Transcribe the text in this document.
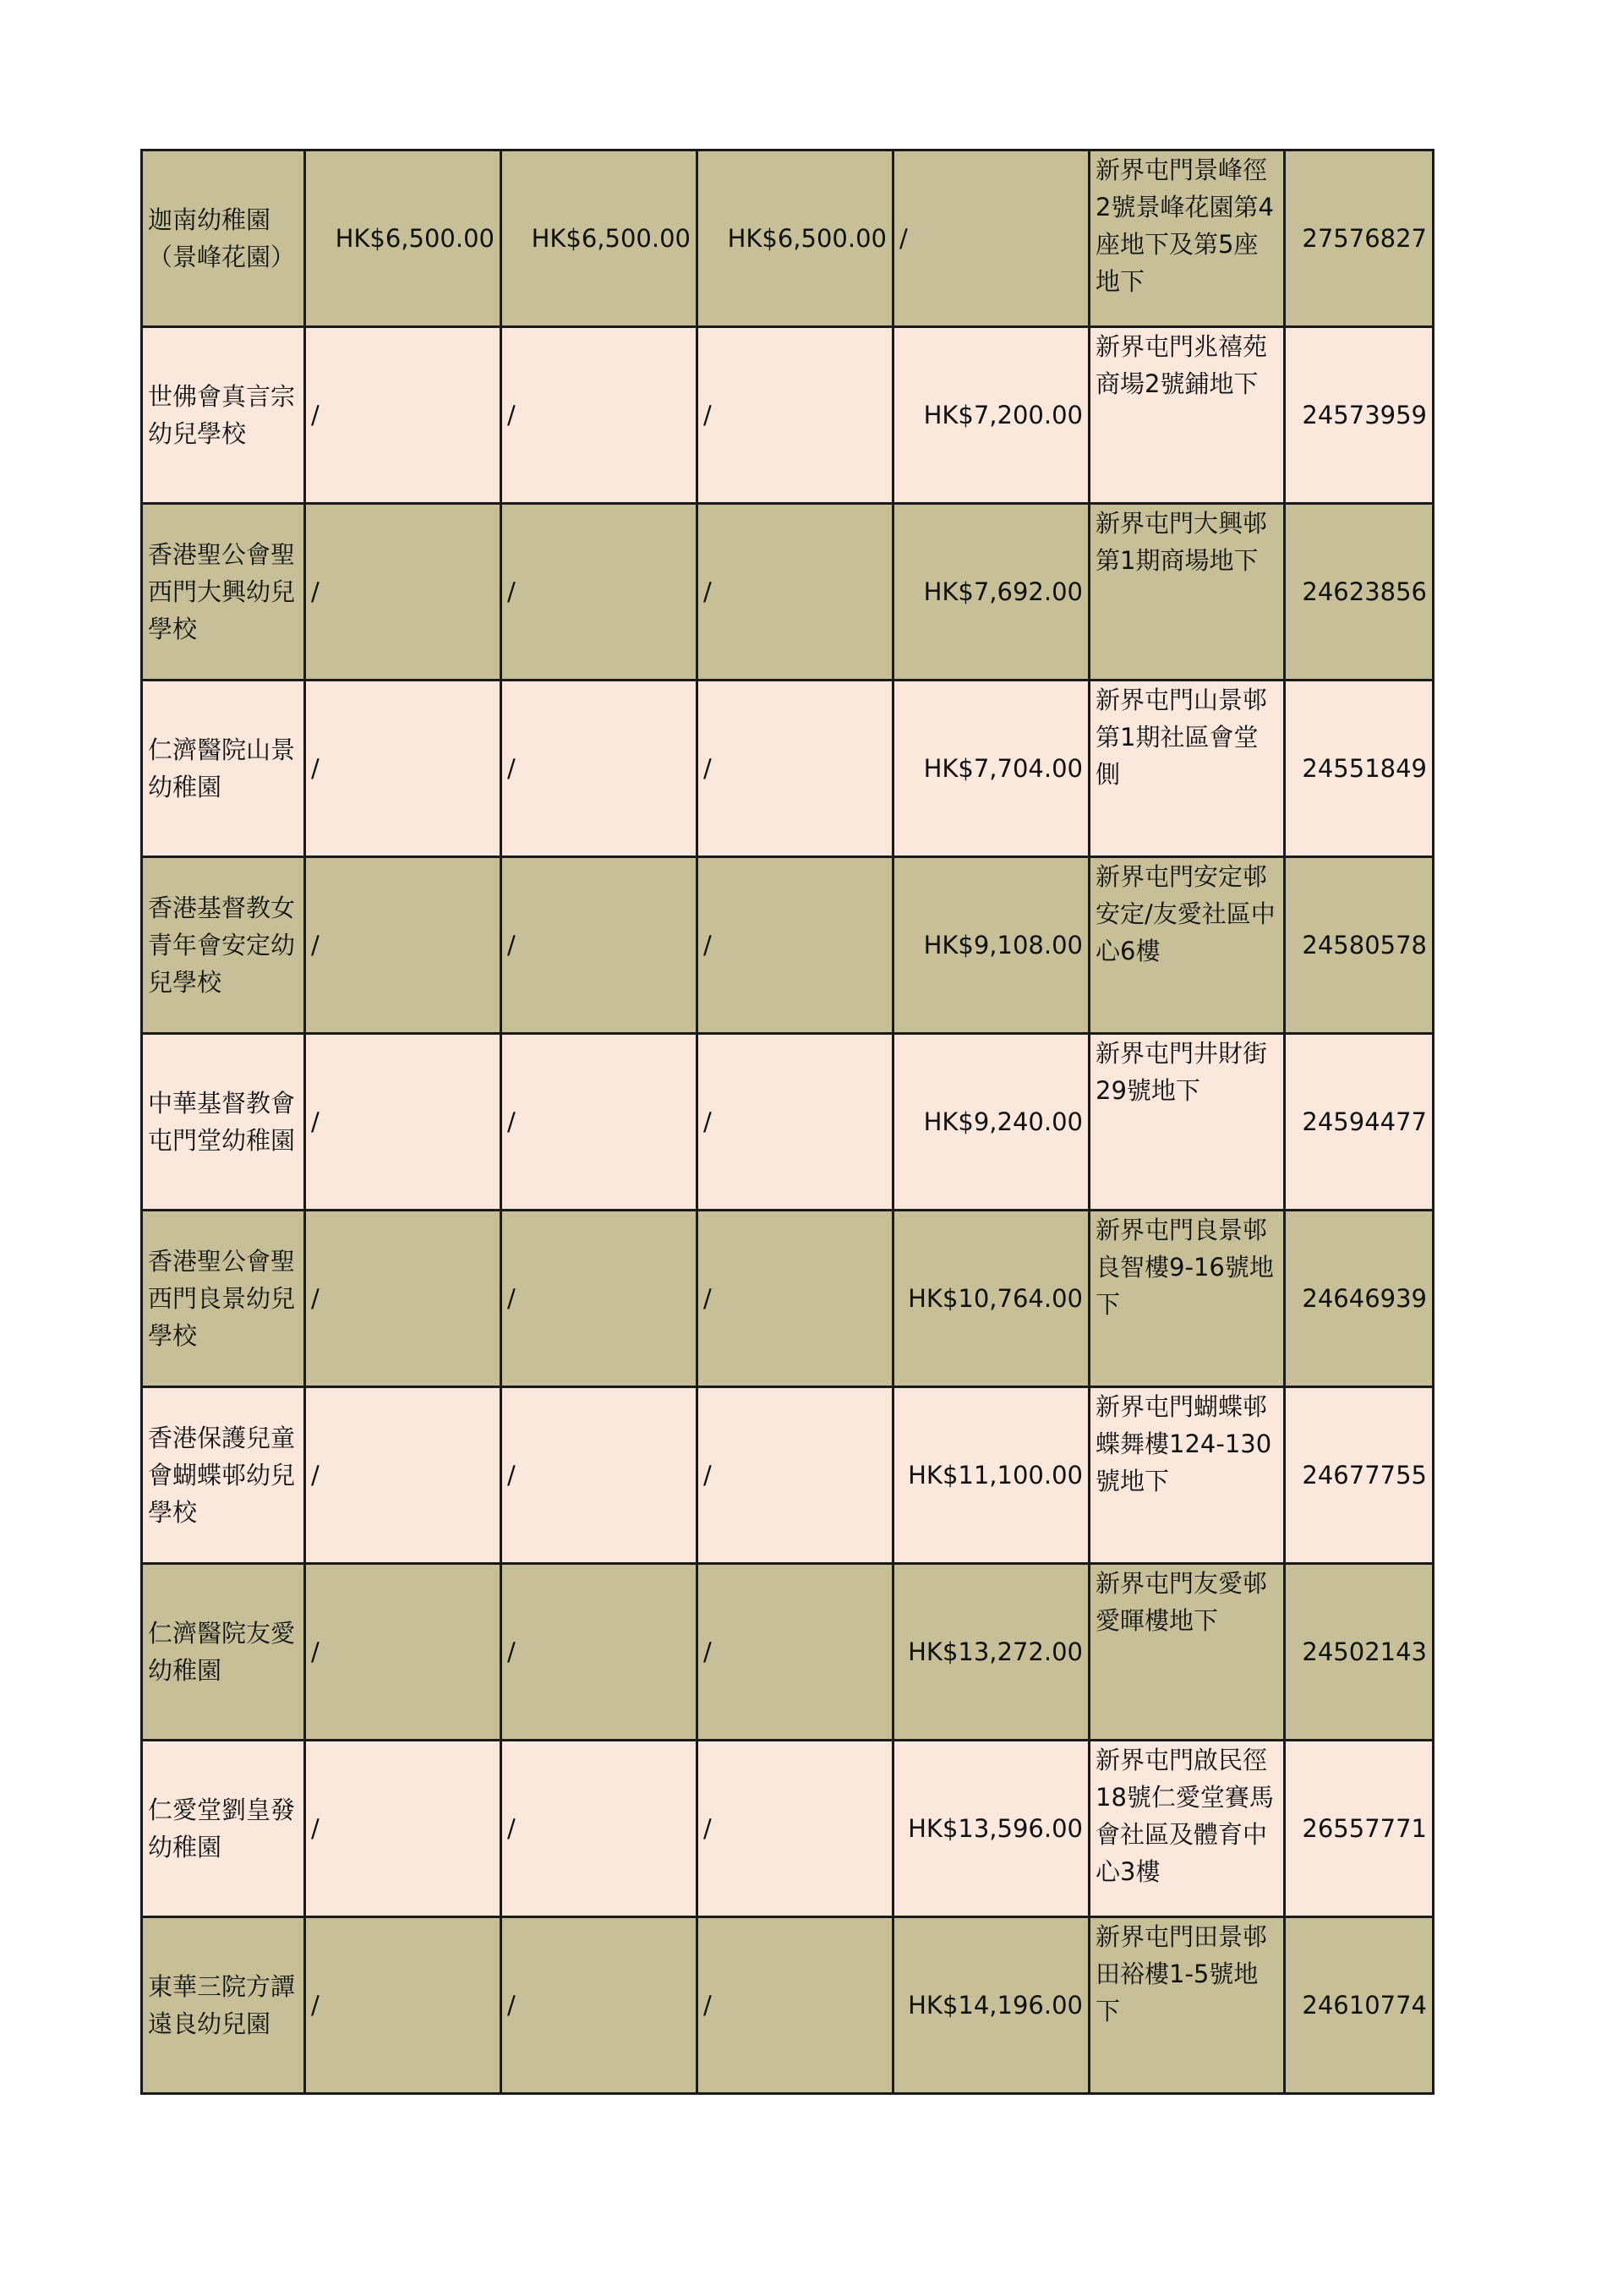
迦南幼稚園（景峰花園）	HK$6,500.00	HK$6,500.00	HK$6,500.00	/	新界屯門景峰徑2號景峰花園第4座地下及第5座地下	27576827
世佛會真言宗幼兒學校	/	/	/	HK$7,200.00	新界屯門兆禧苑商場2號鋪地下	24573959
香港聖公會聖西門大興幼兒學校	/	/	/	HK$7,692.00	新界屯門大興邨第1期商場地下	24623856
仁濟醫院山景幼稚園	/	/	/	HK$7,704.00	新界屯門山景邨第1期社區會堂側	24551849
香港基督教女青年會安定幼兒學校	/	/	/	HK$9,108.00	新界屯門安定邨安定/友愛社區中心6樓	24580578
中華基督教會屯門堂幼稚園	/	/	/	HK$9,240.00	新界屯門井財街29號地下	24594477
香港聖公會聖西門良景幼兒學校	/	/	/	HK$10,764.00	新界屯門良景邨良智樓9-16號地下	24646939
香港保護兒童會蝴蝶邨幼兒學校	/	/	/	HK$11,100.00	新界屯門蝴蝶邨蝶舞樓124-130號地下	24677755
仁濟醫院友愛幼稚園	/	/	/	HK$13,272.00	新界屯門友愛邨愛暉樓地下	24502143
仁愛堂劉皇發幼稚園	/	/	/	HK$13,596.00	新界屯門啟民徑18號仁愛堂賽馬會社區及體育中心3樓	26557771
東華三院方譚遠良幼兒園	/	/	/	HK$14,196.00	新界屯門田景邨田裕樓1-5號地下	24610774
